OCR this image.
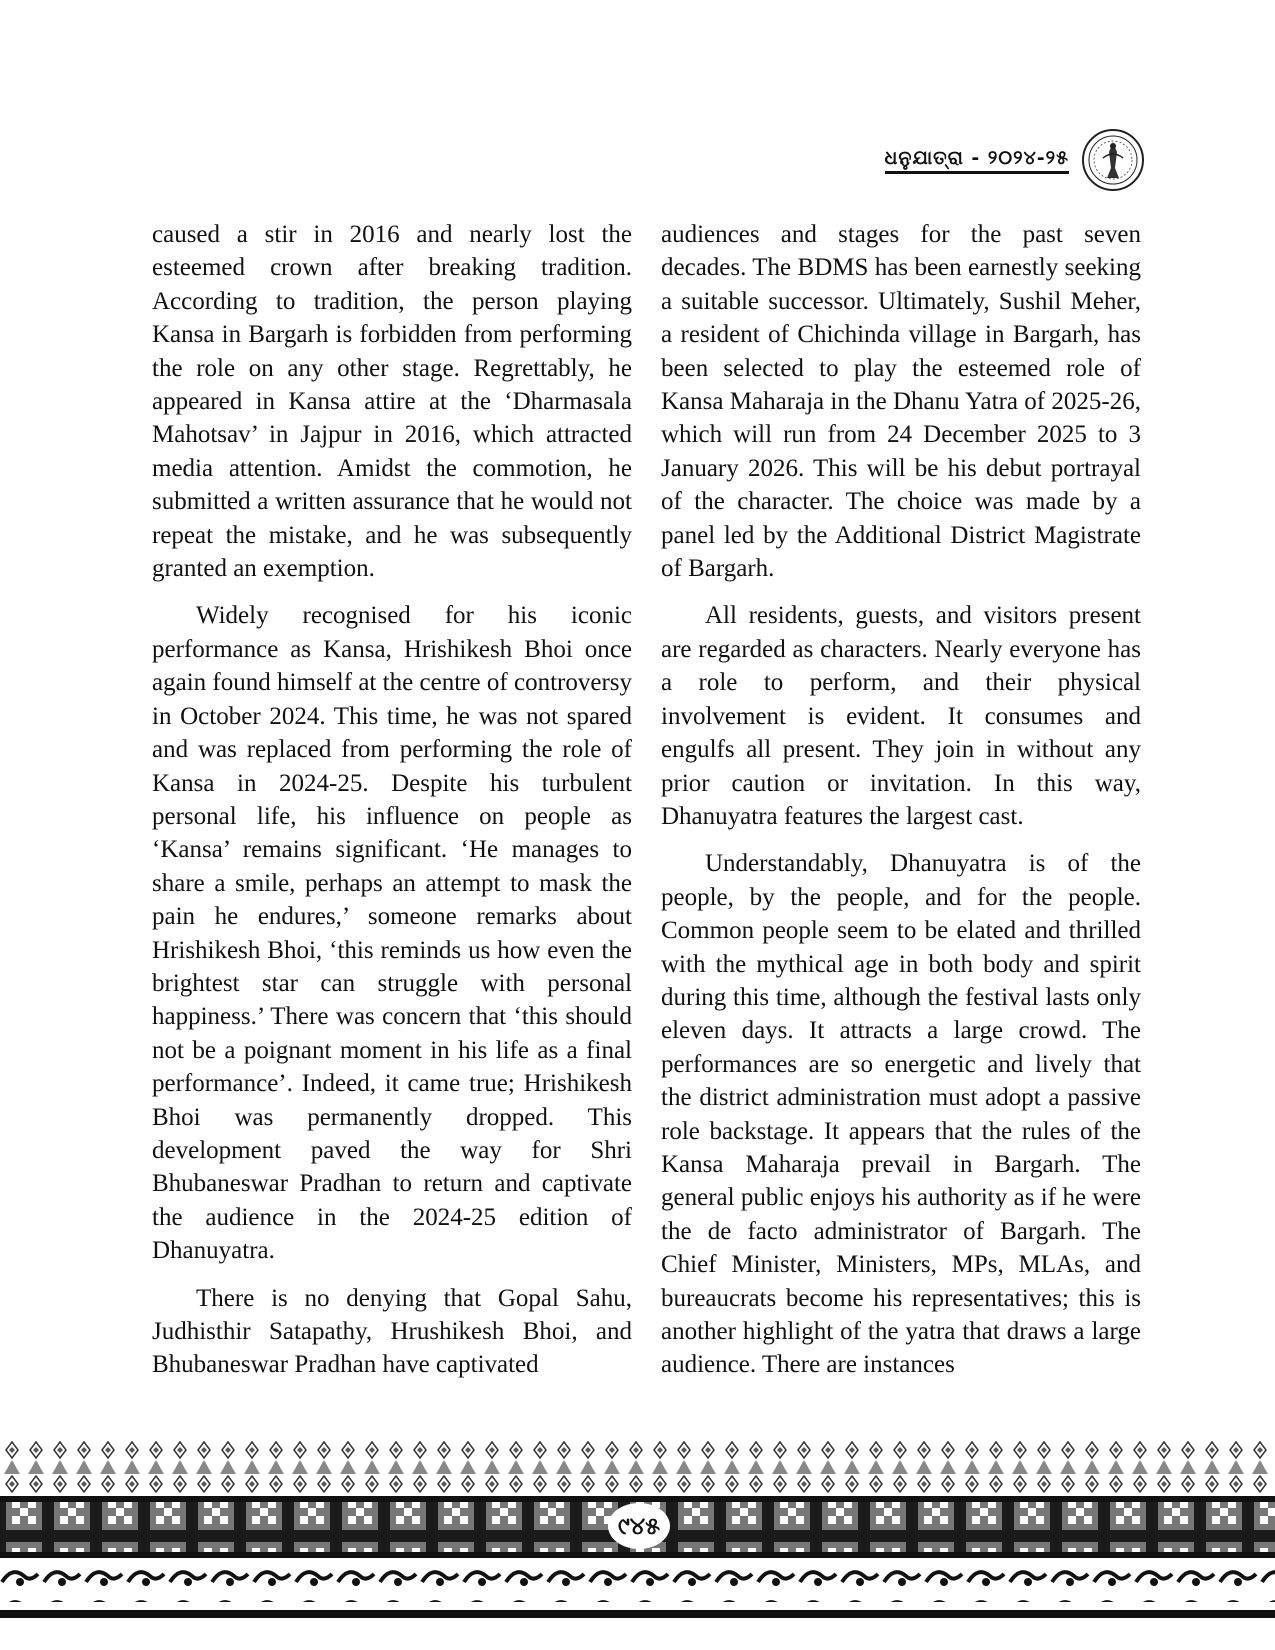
ଧନୁଯାତ୍ରା - ୨୦୨୪-୨୫

caused a stir in 2016 and nearly lost the esteemed crown after breaking tradition. According to tradition, the person playing Kansa in Bargarh is forbidden from performing the role on any other stage. Regrettably, he appeared in Kansa attire at the ‘Dharmasala Mahotsav’ in Jajpur in 2016, which attracted media attention. Amidst the commotion, he submitted a written assurance that he would not repeat the mistake, and he was subsequently granted an exemption.

Widely recognised for his iconic performance as Kansa, Hrishikesh Bhoi once again found himself at the centre of controversy in October 2024. This time, he was not spared and was replaced from performing the role of Kansa in 2024-25. Despite his turbulent personal life, his influence on people as ‘Kansa’ remains significant. ‘He manages to share a smile, perhaps an attempt to mask the pain he endures,’ someone remarks about Hrishikesh Bhoi, ‘this reminds us how even the brightest star can struggle with personal happiness.’ There was concern that ‘this should not be a poignant moment in his life as a final performance’. Indeed, it came true; Hrishikesh Bhoi was permanently dropped. This development paved the way for Shri Bhubaneswar Pradhan to return and captivate the audience in the 2024-25 edition of Dhanuyatra.

There is no denying that Gopal Sahu, Judhisthir Satapathy, Hrushikesh Bhoi, and Bhubaneswar Pradhan have captivated

audiences and stages for the past seven decades. The BDMS has been earnestly seeking a suitable successor. Ultimately, Sushil Meher, a resident of Chichinda village in Bargarh, has been selected to play the esteemed role of Kansa Maharaja in the Dhanu Yatra of 2025-26, which will run from 24 December 2025 to 3 January 2026. This will be his debut portrayal of the character. The choice was made by a panel led by the Additional District Magistrate of Bargarh.

All residents, guests, and visitors present are regarded as characters. Nearly everyone has a role to perform, and their physical involvement is evident. It consumes and engulfs all present. They join in without any prior caution or invitation. In this way, Dhanuyatra features the largest cast.

Understandably, Dhanuyatra is of the people, by the people, and for the people. Common people seem to be elated and thrilled with the mythical age in both body and spirit during this time, although the festival lasts only eleven days. It attracts a large crowd. The performances are so energetic and lively that the district administration must adopt a passive role backstage. It appears that the rules of the Kansa Maharaja prevail in Bargarh. The general public enjoys his authority as if he were the de facto administrator of Bargarh. The Chief Minister, Ministers, MPs, MLAs, and bureaucrats become his representatives; this is another highlight of the yatra that draws a large audience. There are instances

୯୪୫
